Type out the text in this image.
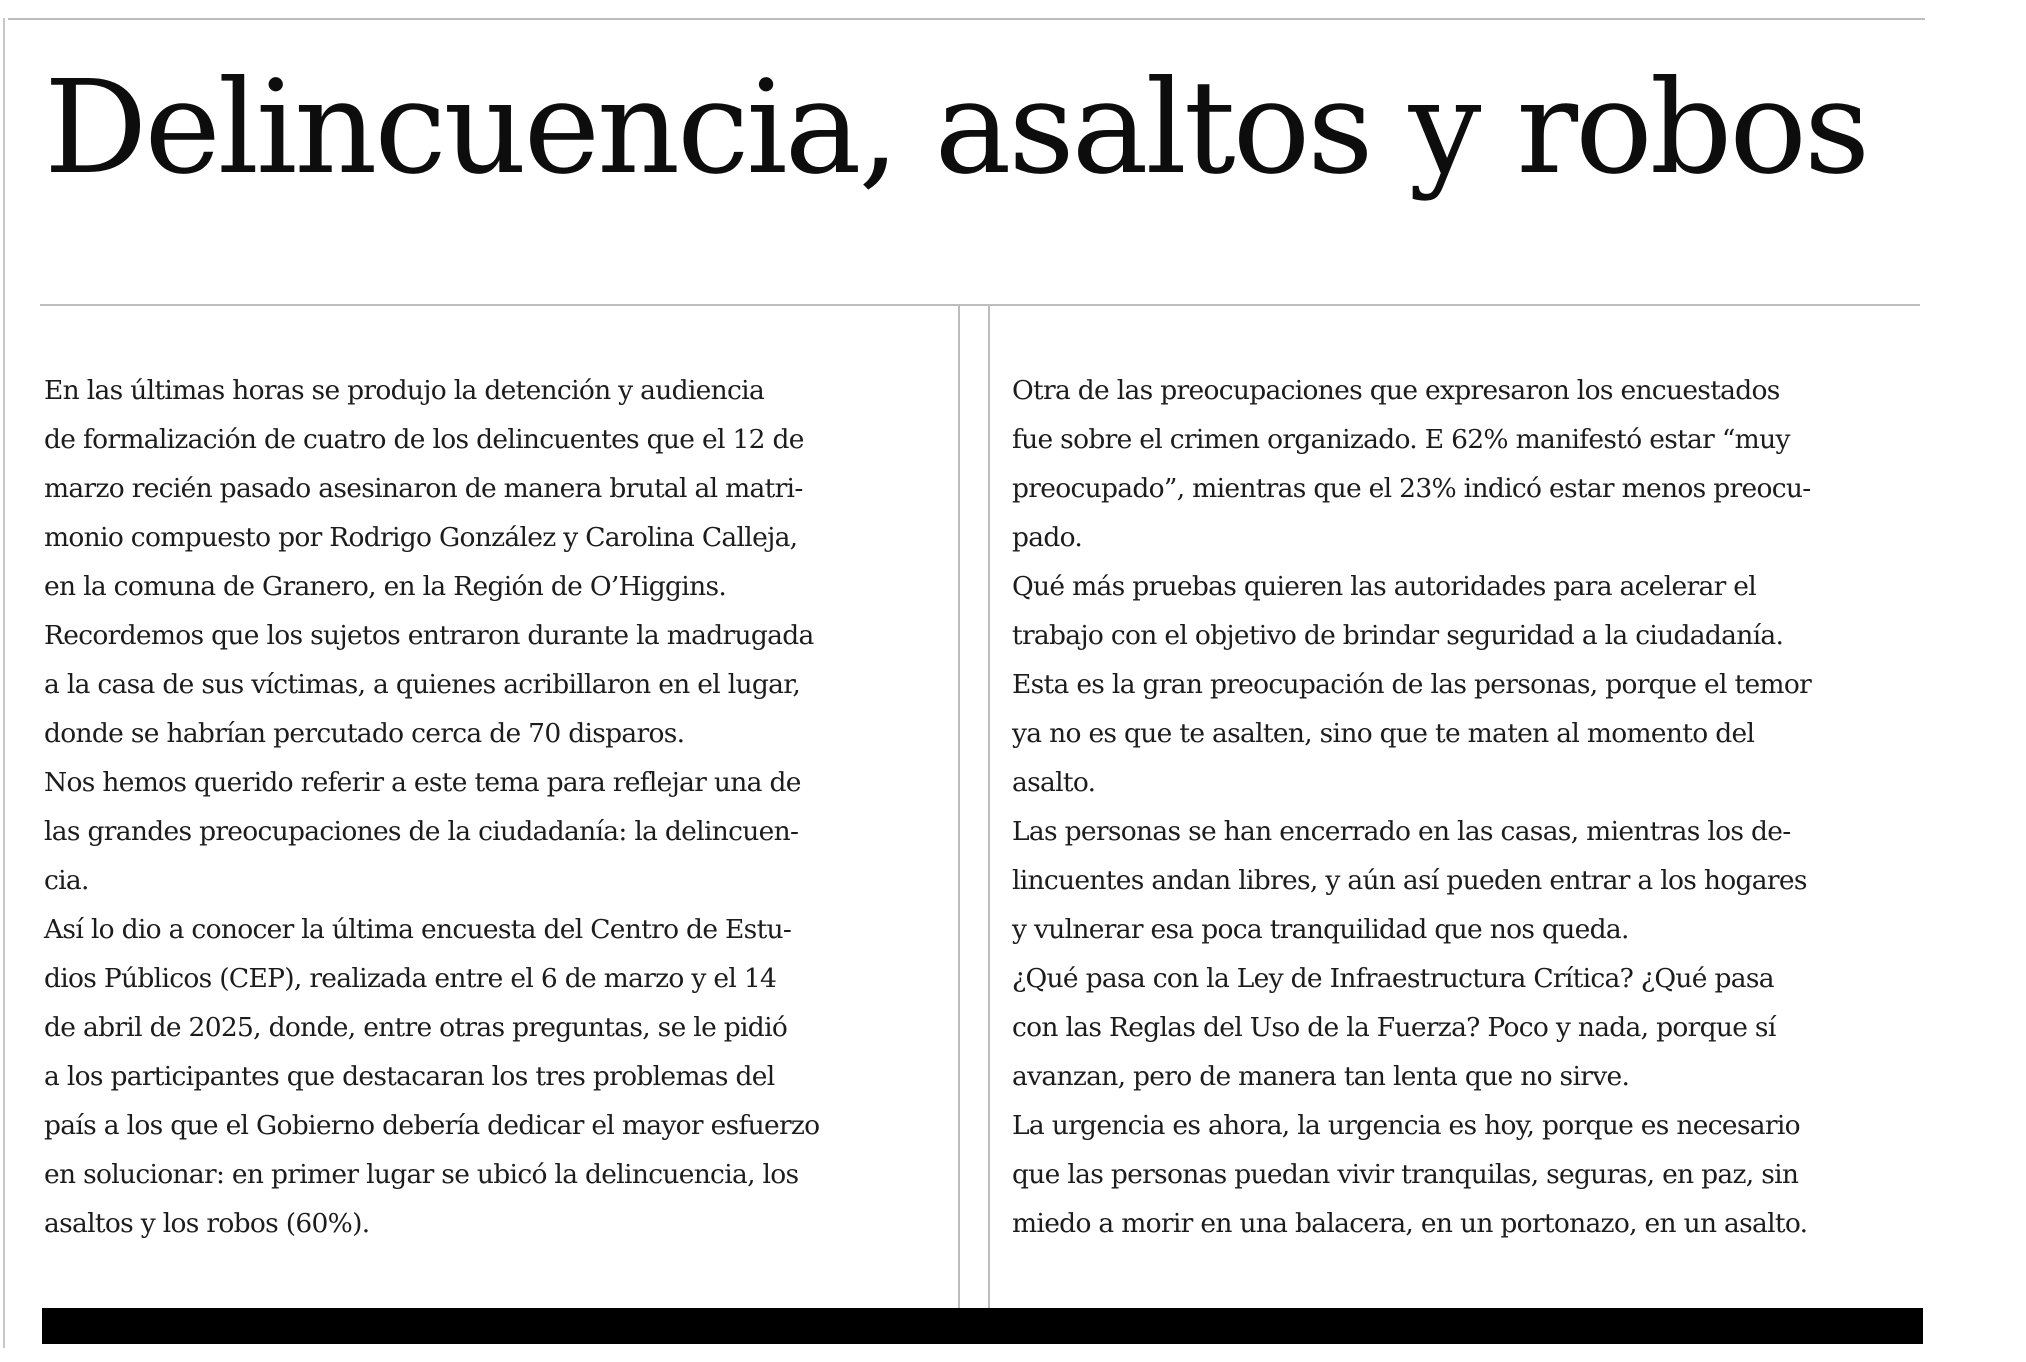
Delincuencia, asaltos y robos
En las últimas horas se produjo la detención y audiencia
de formalización de cuatro de los delincuentes que el 12 de
marzo recién pasado asesinaron de manera brutal al matri-
monio compuesto por Rodrigo González y Carolina Calleja,
en la comuna de Granero, en la Región de O’Higgins.
Recordemos que los sujetos entraron durante la madrugada
a la casa de sus víctimas, a quienes acribillaron en el lugar,
donde se habrían percutado cerca de 70 disparos.
Nos hemos querido referir a este tema para reflejar una de
las grandes preocupaciones de la ciudadanía: la delincuen-
cia.
Así lo dio a conocer la última encuesta del Centro de Estu-
dios Públicos (CEP), realizada entre el 6 de marzo y el 14
de abril de 2025, donde, entre otras preguntas, se le pidió
a los participantes que destacaran los tres problemas del
país a los que el Gobierno debería dedicar el mayor esfuerzo
en solucionar: en primer lugar se ubicó la delincuencia, los
asaltos y los robos (60%).
Otra de las preocupaciones que expresaron los encuestados
fue sobre el crimen organizado. E 62% manifestó estar “muy
preocupado”, mientras que el 23% indicó estar menos preocu-
pado.
Qué más pruebas quieren las autoridades para acelerar el
trabajo con el objetivo de brindar seguridad a la ciudadanía.
Esta es la gran preocupación de las personas, porque el temor
ya no es que te asalten, sino que te maten al momento del
asalto.
Las personas se han encerrado en las casas, mientras los de-
lincuentes andan libres, y aún así pueden entrar a los hogares
y vulnerar esa poca tranquilidad que nos queda.
¿Qué pasa con la Ley de Infraestructura Crítica? ¿Qué pasa
con las Reglas del Uso de la Fuerza? Poco y nada, porque sí
avanzan, pero de manera tan lenta que no sirve.
La urgencia es ahora, la urgencia es hoy, porque es necesario
que las personas puedan vivir tranquilas, seguras, en paz, sin
miedo a morir en una balacera, en un portonazo, en un asalto.
